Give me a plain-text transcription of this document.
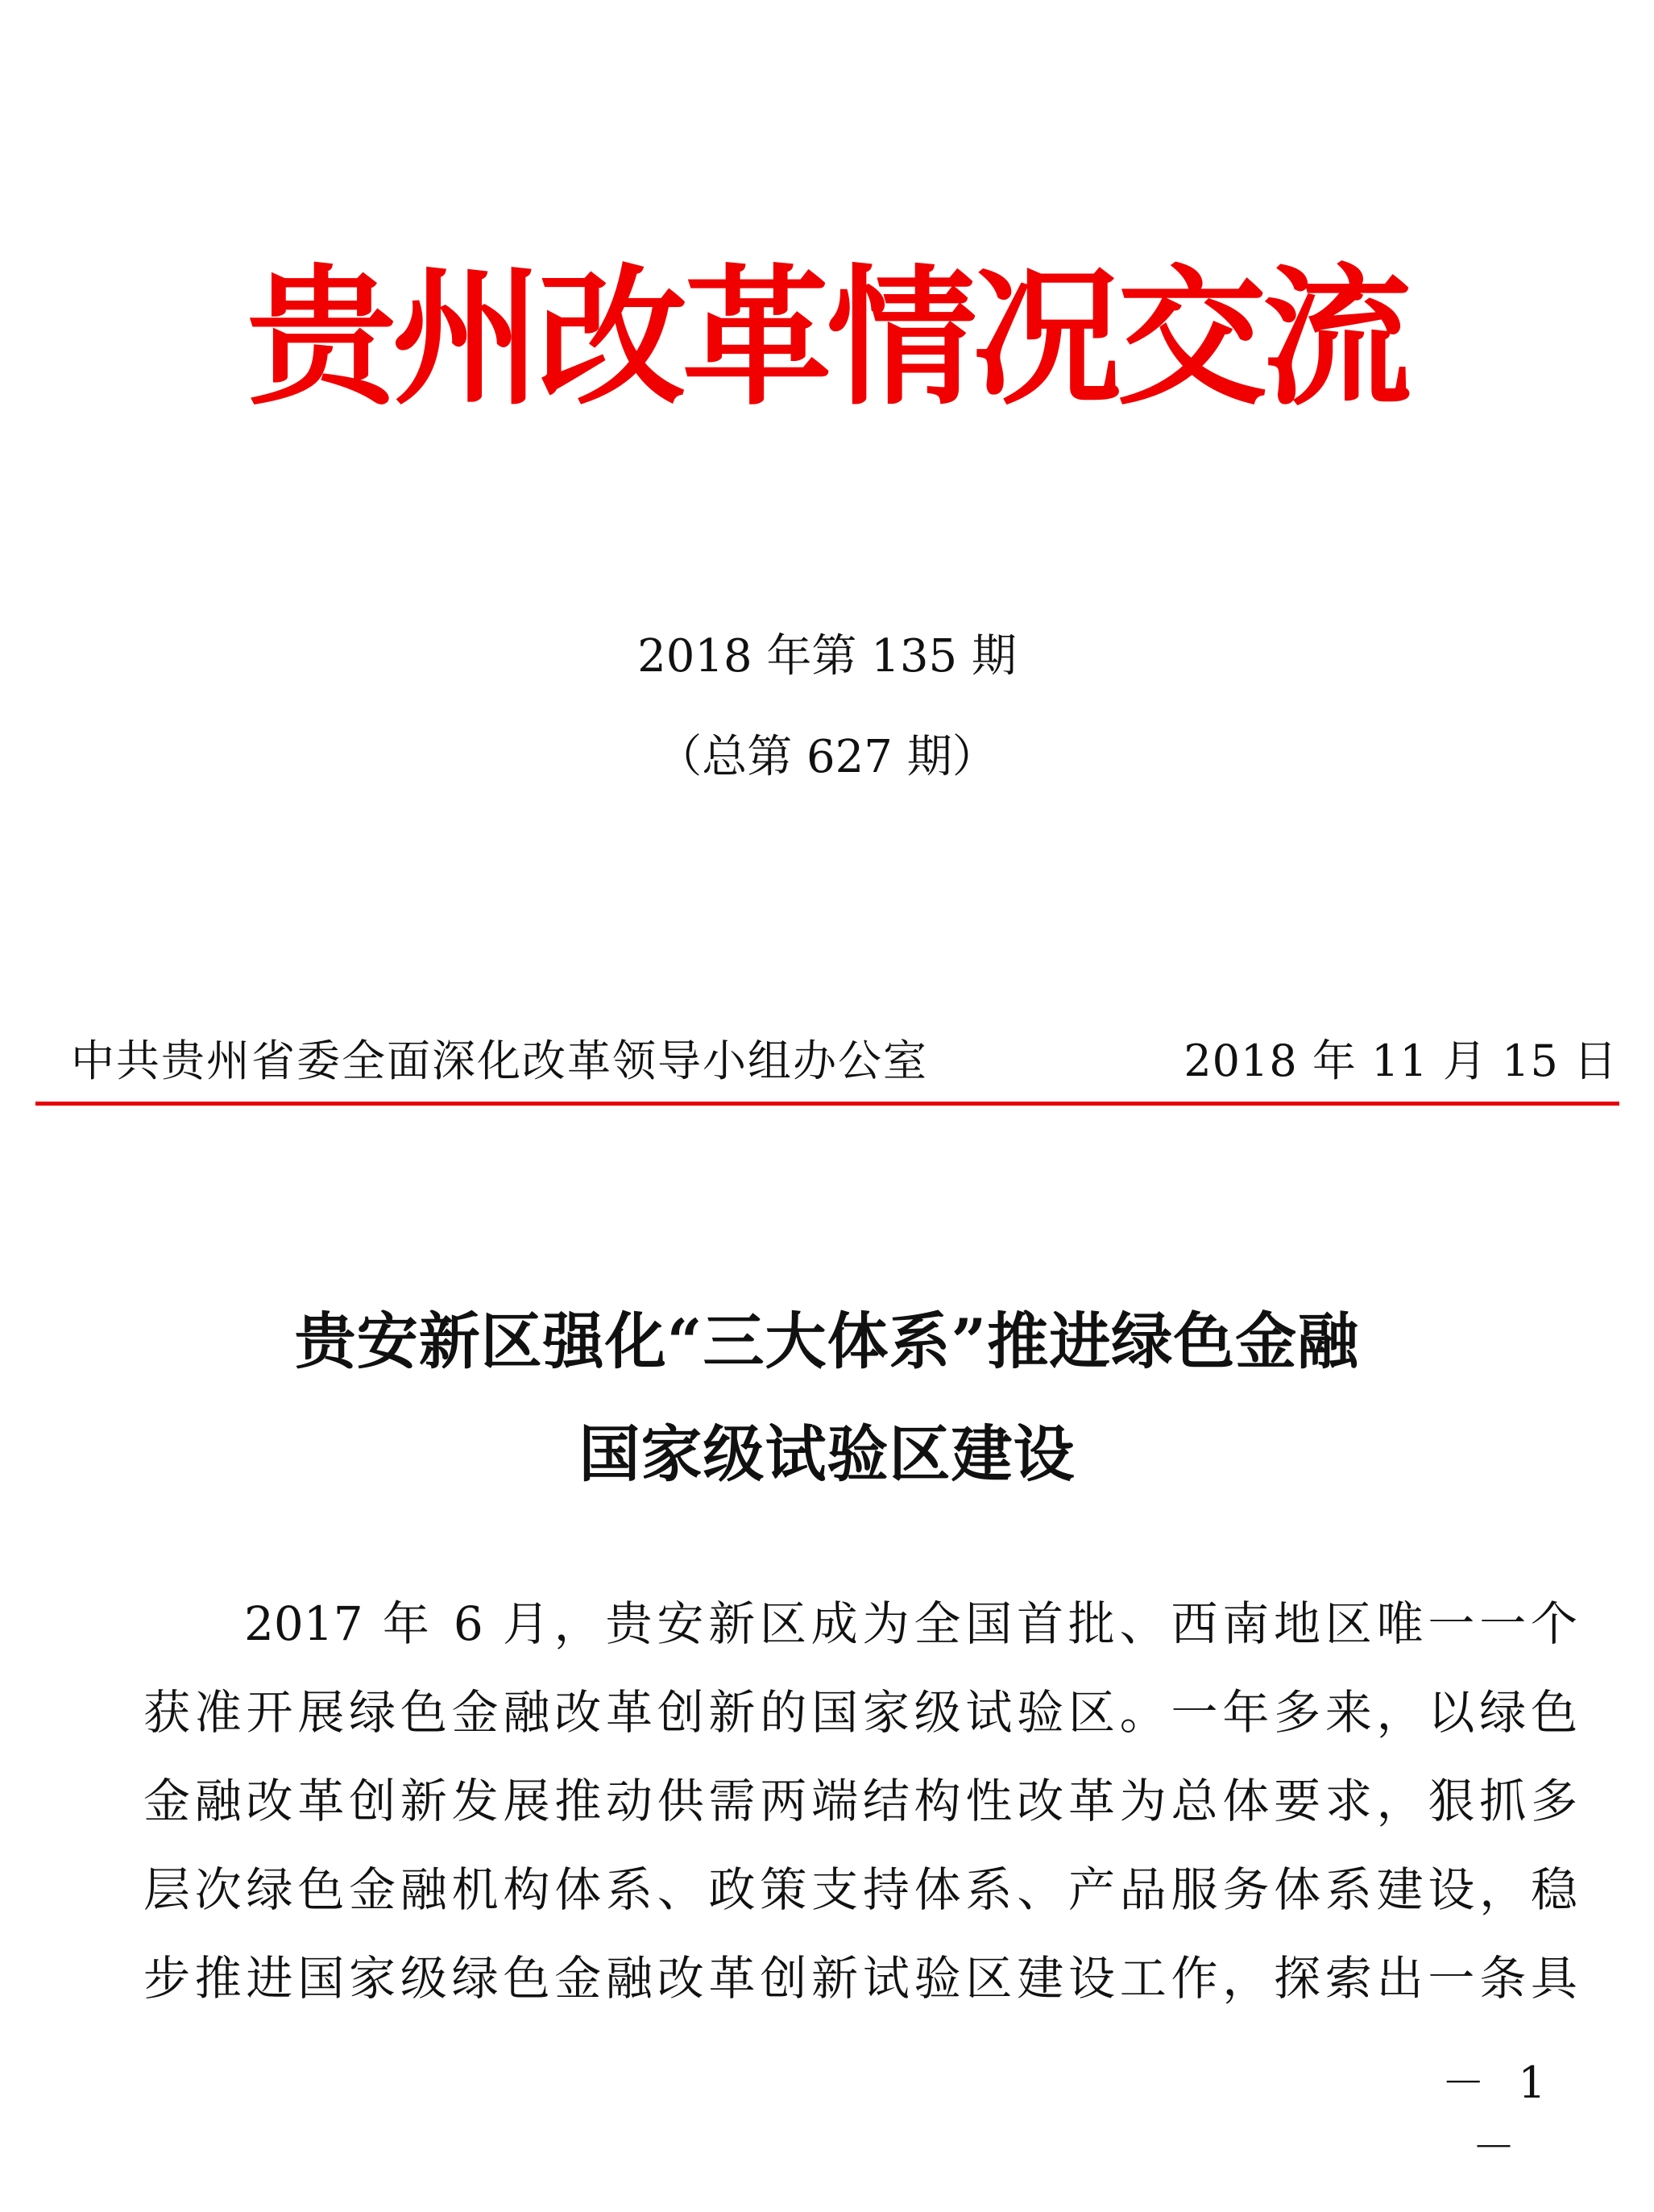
贵州改革情况交流
2018 年第 135 期
（总第 627 期）
中共贵州省委全面深化改革领导小组办公室	2018 年 11 月 15 日
贵安新区强化“三大体系”推进绿色金融
国家级试验区建设
2017 年 6 月，贵安新区成为全国首批、西南地区唯一一个
获准开展绿色金融改革创新的国家级试验区。一年多来，以绿色
金融改革创新发展推动供需两端结构性改革为总体要求，狠抓多
层次绿色金融机构体系、政策支持体系、产品服务体系建设，稳
步推进国家级绿色金融改革创新试验区建设工作，探索出一条具
－ 1 －
